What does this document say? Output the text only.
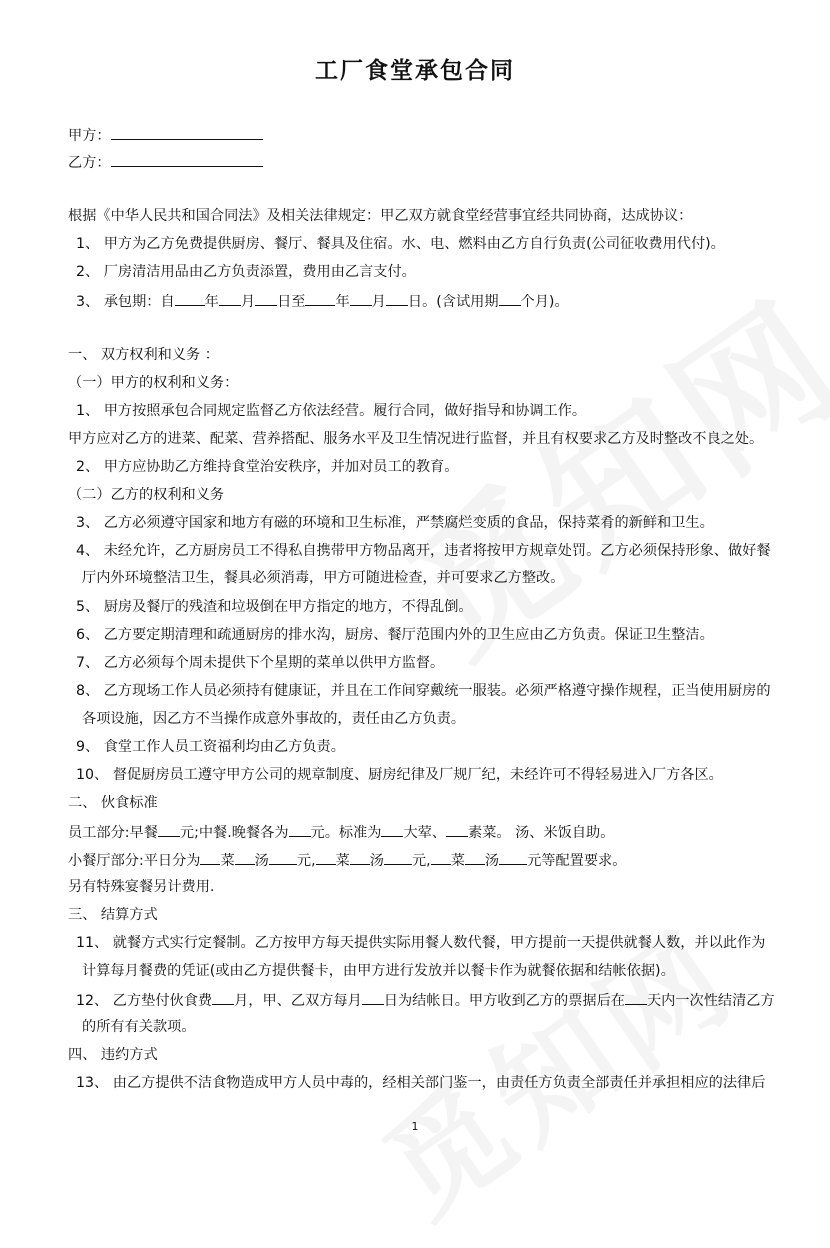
工厂食堂承包合同
甲方：
乙方：
根据《中华人民共和国合同法》及相关法律规定：甲乙双方就食堂经营事宜经共同协商，达成协议：
1、 甲方为乙方免费提供厨房、餐厅、餐具及住宿。水、电、燃料由乙方自行负责(公司征收费用代付)。
2、 厂房清洁用品由乙方负责添置，费用由乙言支付。
3、 承包期：自 年 月 日至 年 月 日。(含试用期 个月)。
一、 双方权利和义务 ：
（一）甲方的权利和义务：
1、 甲方按照承包合同规定监督乙方依法经营。履行合同，做好指导和协调工作。
甲方应对乙方的进菜、配菜、营养搭配、服务水平及卫生情况进行监督，并且有权要求乙方及时整改不良之处。
2、 甲方应协助乙方维持食堂治安秩序，并加对员工的教育。
（二）乙方的权利和义务
3、 乙方必须遵守国家和地方有磁的环境和卫生标准，严禁腐烂变质的食品，保持菜肴的新鲜和卫生。
4、 未经允许，乙方厨房员工不得私自携带甲方物品离开，违者将按甲方规章处罚。乙方必须保持形象、做好餐
厅内外环境整洁卫生，餐具必须消毒，甲方可随进检查，并可要求乙方整改。
5、 厨房及餐厅的残渣和垃圾倒在甲方指定的地方，不得乱倒。
6、 乙方要定期清理和疏通厨房的排水沟，厨房、餐厅范围内外的卫生应由乙方负责。保证卫生整洁。
7、 乙方必须每个周未提供下个星期的菜单以供甲方监督。
8、 乙方现场工作人员必须持有健康证，并且在工作间穿戴统一服装。必须严格遵守操作规程，正当使用厨房的
各项设施，因乙方不当操作成意外事故的，责任由乙方负责。
9、 食堂工作人员工资福利均由乙方负责。
10、 督促厨房员工遵守甲方公司的规章制度、厨房纪律及厂规厂纪，未经许可不得轻易进入厂方各区。
二、 伙食标准
员工部分:早餐 元;中餐.晚餐各为 元。标准为 大荤、 素菜。 汤、米饭自助。
小餐厅部分:平日分为 菜 汤 元, 菜 汤 元, 菜 汤 元等配置要求。
另有特殊宴餐另计费用.
三、 结算方式
11、 就餐方式实行定餐制。乙方按甲方每天提供实际用餐人数代餐，甲方提前一天提供就餐人数，并以此作为
计算每月餐费的凭证(或由乙方提供餐卡，由甲方进行发放并以餐卡作为就餐依据和结帐依据)。
12、 乙方垫付伙食费 月，甲、乙双方每月 日为结帐日。甲方收到乙方的票据后在 天内一次性结清乙方
的所有有关款项。
四、 违约方式
13、 由乙方提供不洁食物造成甲方人员中毒的，经相关部门鉴一，由责任方负责全部责任并承担相应的法律后
1
